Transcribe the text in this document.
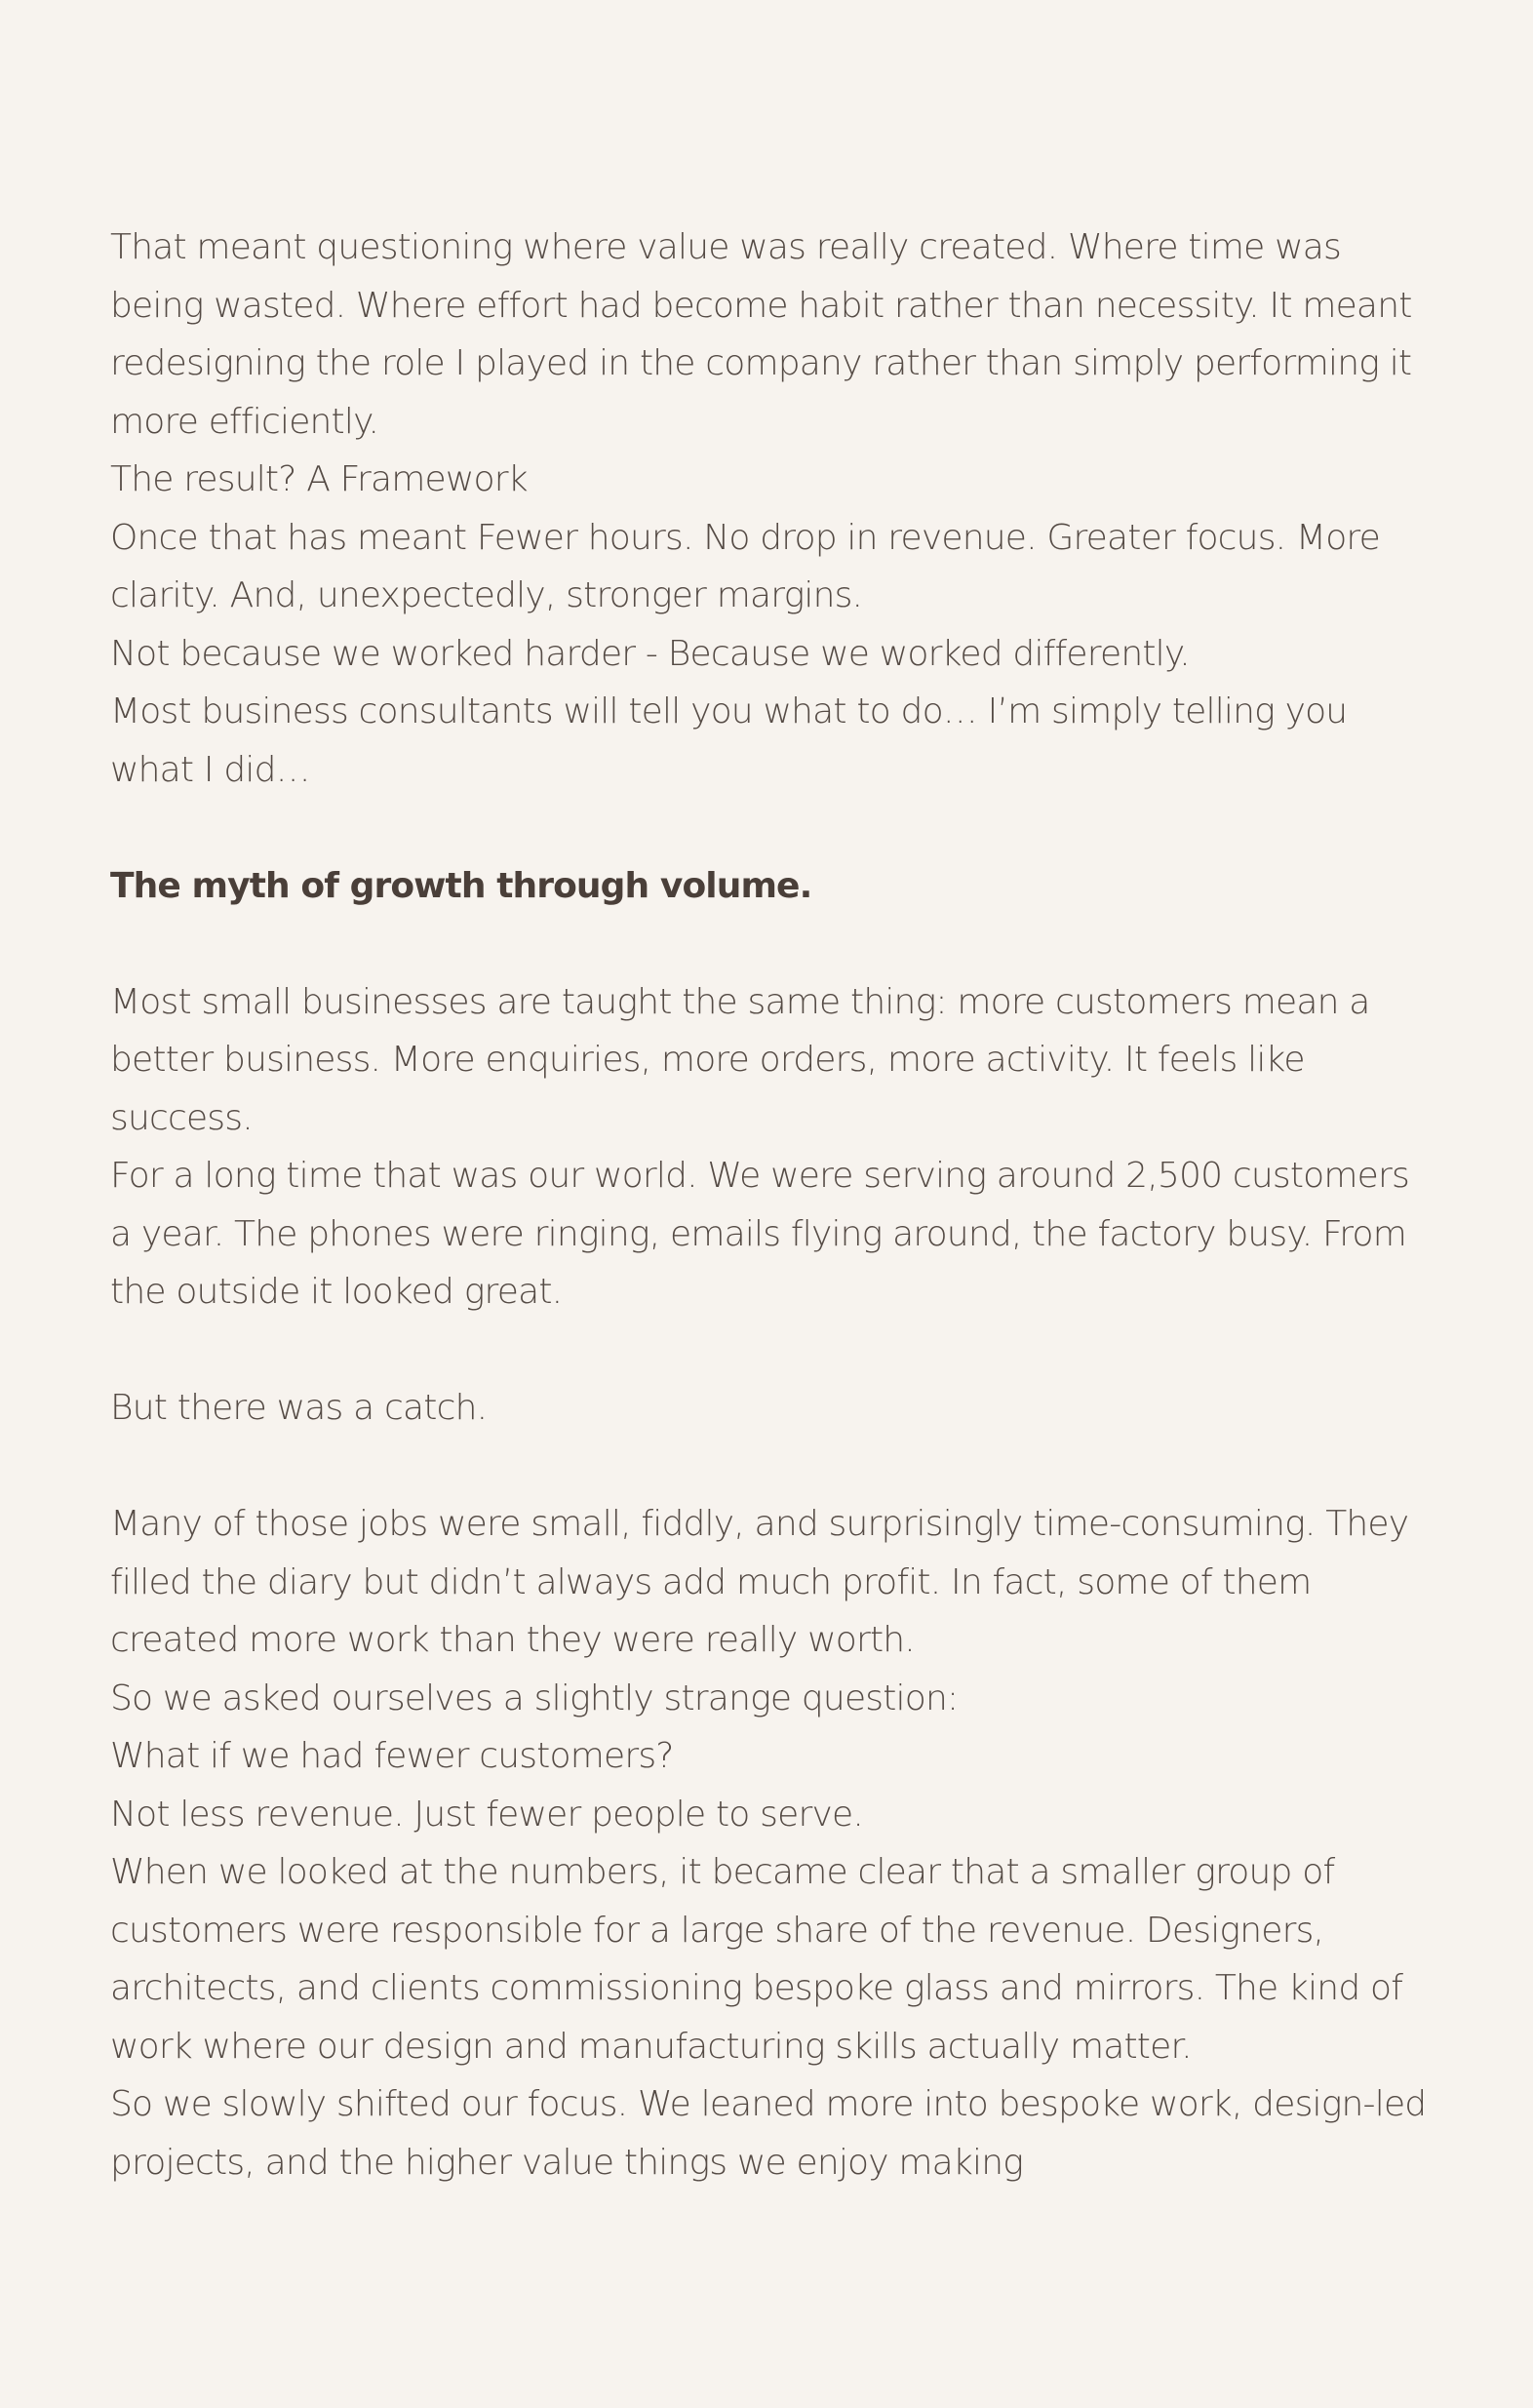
That meant questioning where value was really created. Where time was being wasted. Where effort had become habit rather than necessity. It meant redesigning the role I played in the company rather than simply performing it more efficiently.

The result? A Framework

Once that has meant Fewer hours. No drop in revenue. Greater focus. More clarity. And, unexpectedly, stronger margins.

Not because we worked harder - Because we worked differently.

Most business consultants will tell you what to do… I’m simply telling you what I did…

The myth of growth through volume.

Most small businesses are taught the same thing: more customers mean a better business. More enquiries, more orders, more activity. It feels like success.

For a long time that was our world. We were serving around 2,500 customers a year. The phones were ringing, emails flying around, the factory busy. From the outside it looked great.

But there was a catch.

Many of those jobs were small, fiddly, and surprisingly time-consuming. They filled the diary but didn’t always add much profit. In fact, some of them created more work than they were really worth.

So we asked ourselves a slightly strange question:

What if we had fewer customers?

Not less revenue. Just fewer people to serve.

When we looked at the numbers, it became clear that a smaller group of customers were responsible for a large share of the revenue. Designers, architects, and clients commissioning bespoke glass and mirrors. The kind of work where our design and manufacturing skills actually matter.

So we slowly shifted our focus. We leaned more into bespoke work, design-led projects, and the higher value things we enjoy making
